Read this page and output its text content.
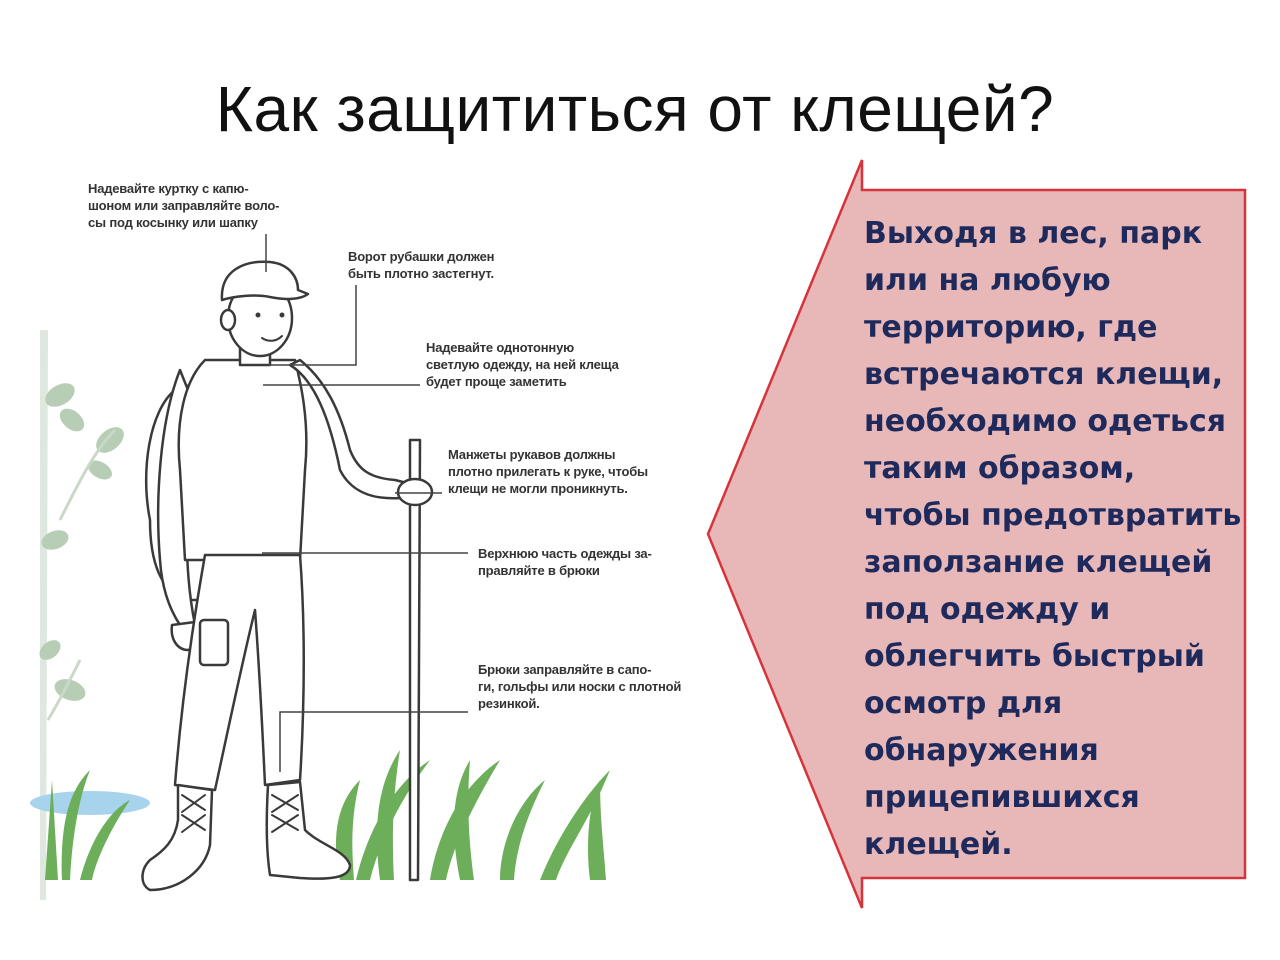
Как защититься от клещей?
Надевайте куртку с капю-
шоном или заправляйте воло-
сы под косынку или шапку
Ворот рубашки должен
быть плотно застегнут.
Надевайте однотонную
светлую одежду, на ней клеща
будет проще заметить
Манжеты рукавов должны
плотно прилегать к руке, чтобы
клещи не могли проникнуть.
Верхнюю часть одежды за-
правляйте в брюки
Брюки заправляйте в сапо-
ги, гольфы или носки с плотной
резинкой.
Выходя в лес, парк
или на любую
территорию, где
встречаются клещи,
необходимо одеться
таким образом,
чтобы предотвратить
заползание клещей
под одежду и
облегчить быстрый
осмотр для
обнаружения
прицепившихся
клещей.
